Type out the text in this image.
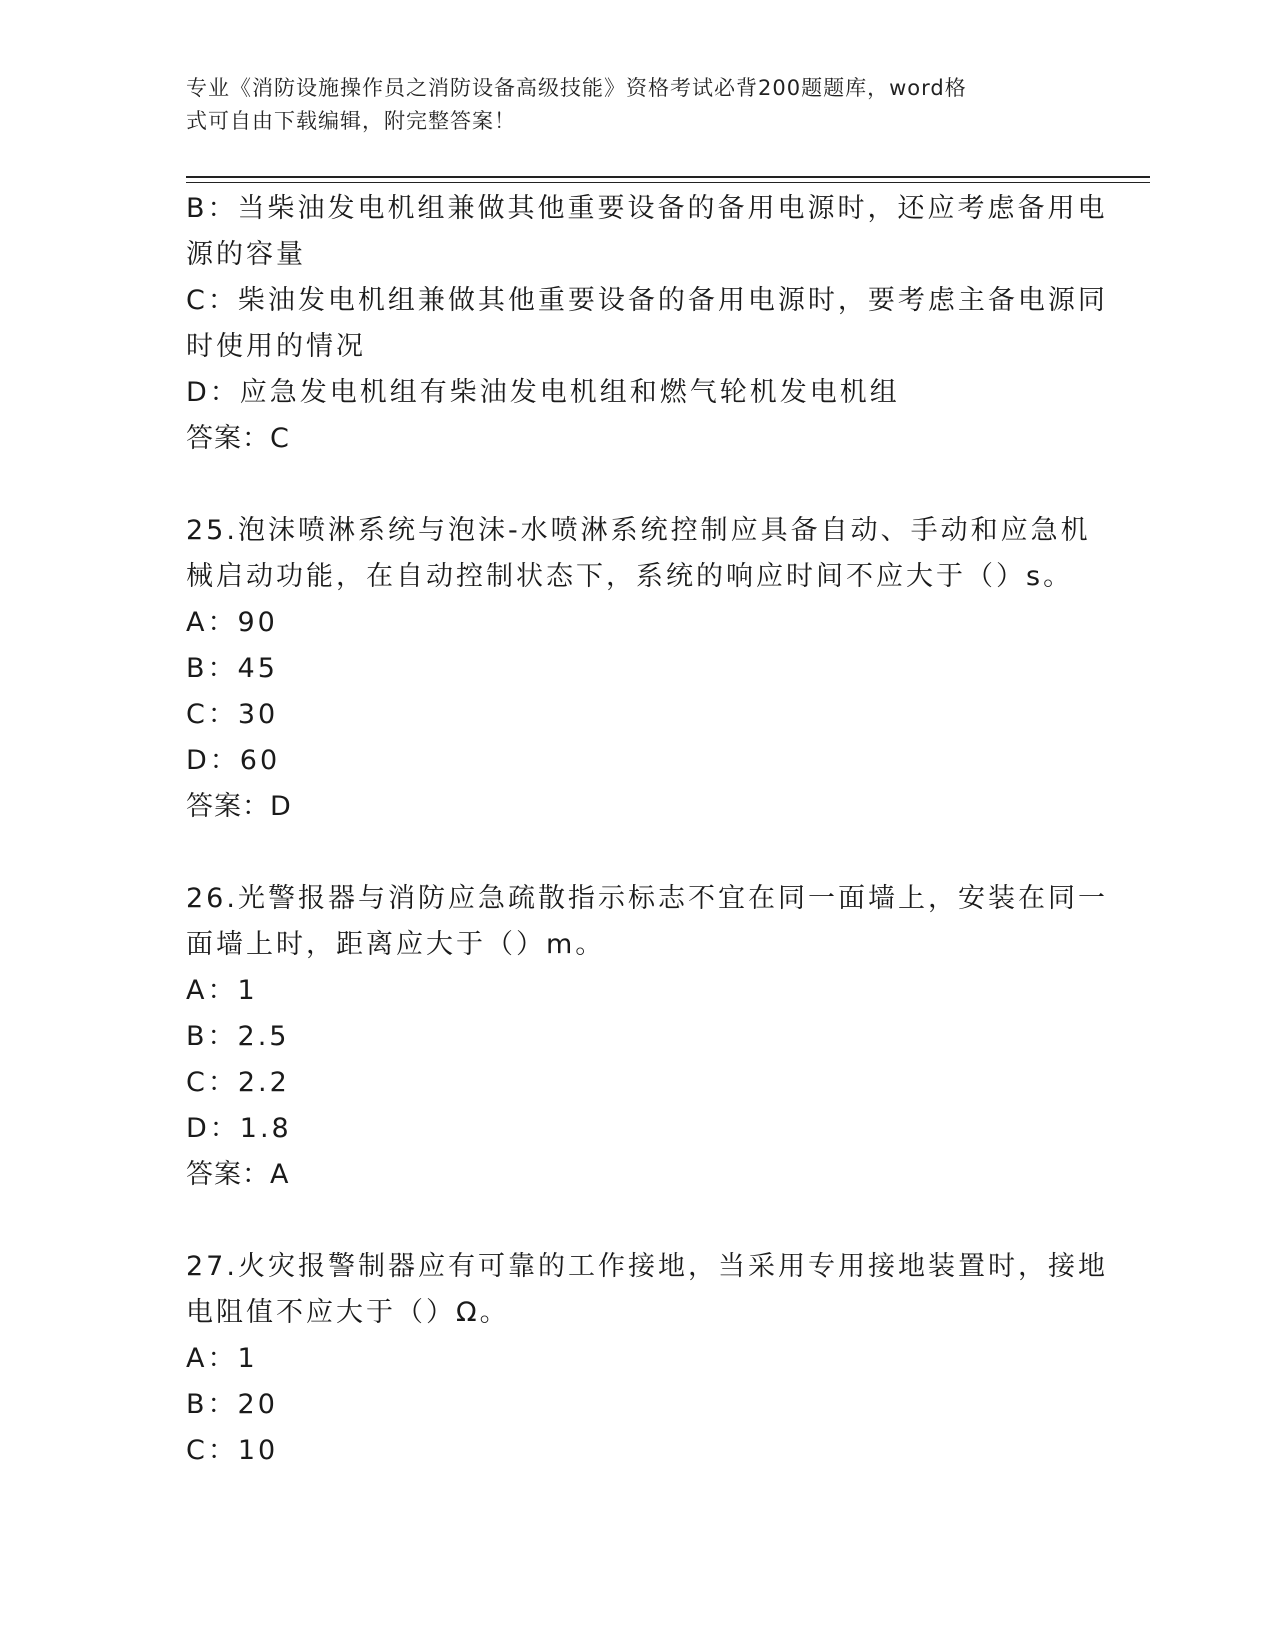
专业《消防设施操作员之消防设备高级技能》资格考试必背200题题库，word格
式可自由下载编辑，附完整答案！
B：当柴油发电机组兼做其他重要设备的备用电源时，还应考虑备用电
源的容量
C：柴油发电机组兼做其他重要设备的备用电源时，要考虑主备电源同
时使用的情况
D：应急发电机组有柴油发电机组和燃气轮机发电机组
答案：C
25.泡沫喷淋系统与泡沫-水喷淋系统控制应具备自动、手动和应急机
械启动功能，在自动控制状态下，系统的响应时间不应大于（）s。
A：90
B：45
C：30
D：60
答案：D
26.光警报器与消防应急疏散指示标志不宜在同一面墙上，安装在同一
面墙上时，距离应大于（）m。
A：1
B：2.5
C：2.2
D：1.8
答案：A
27.火灾报警制器应有可靠的工作接地，当采用专用接地装置时，接地
电阻值不应大于（）Ω。
A：1
B：20
C：10
